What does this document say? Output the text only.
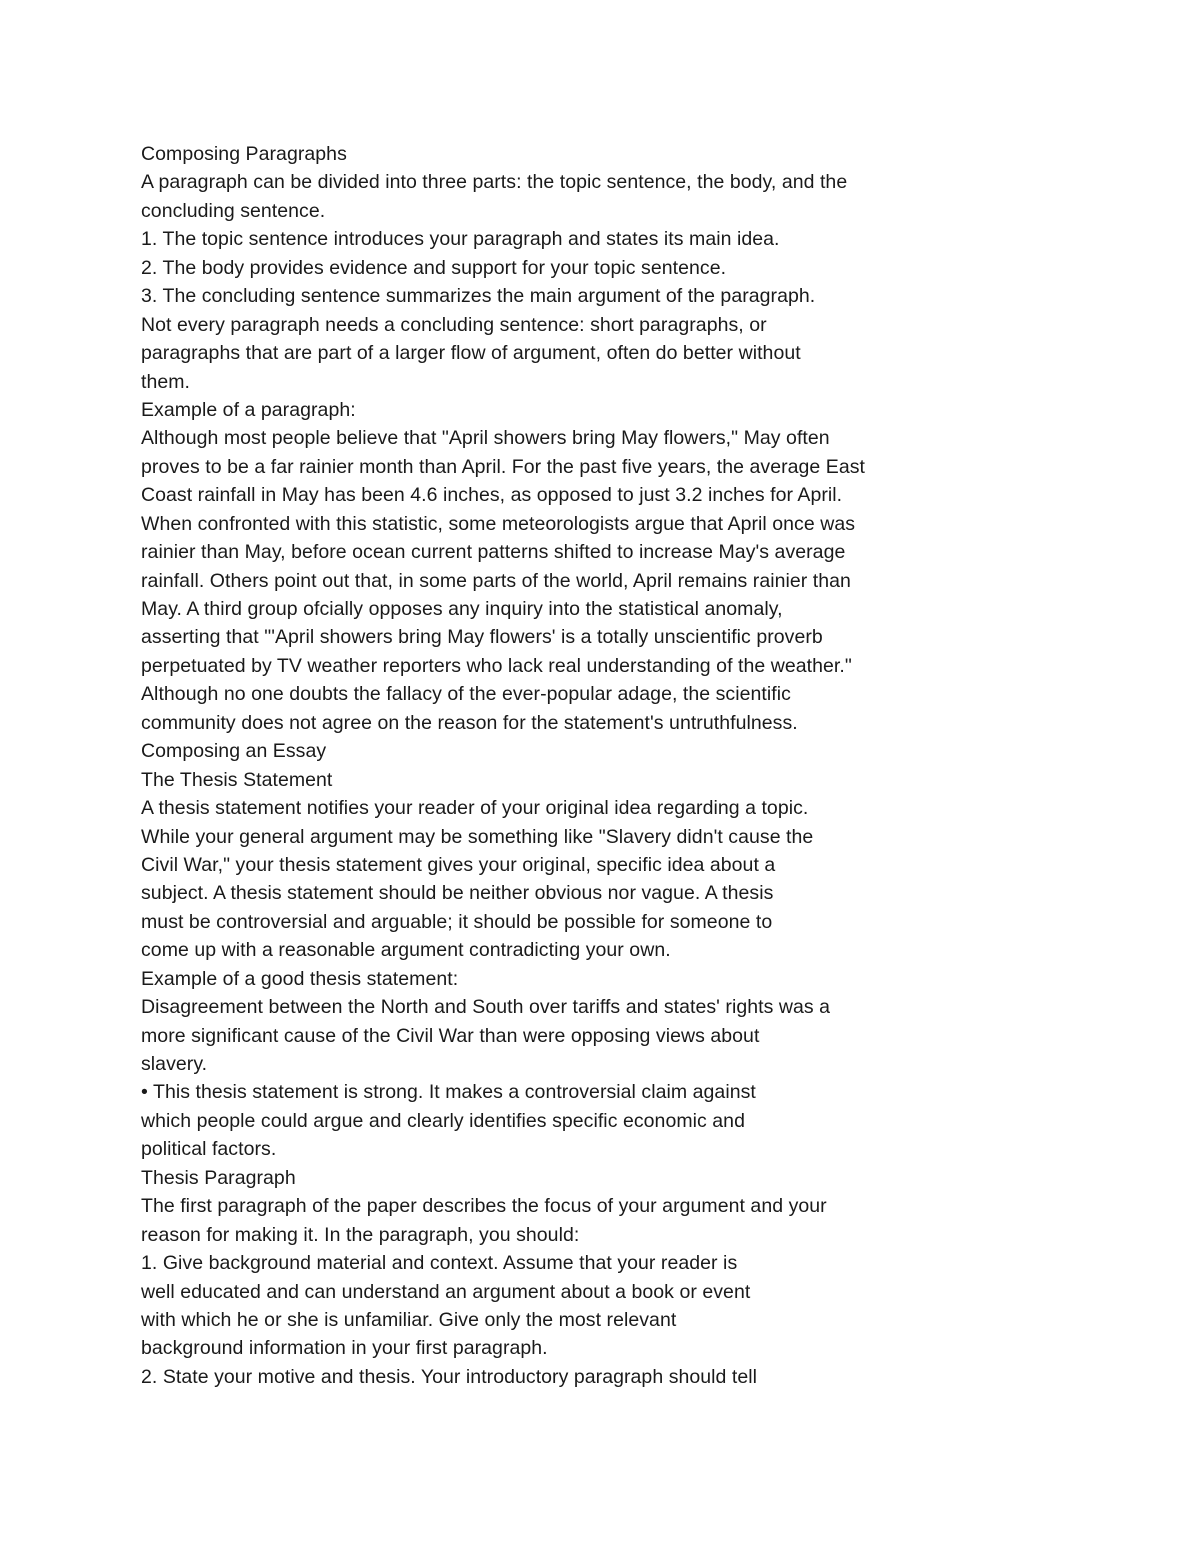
Composing Paragraphs
A paragraph can be divided into three parts: the topic sentence, the body, and the
concluding sentence.
1. The topic sentence introduces your paragraph and states its main idea.
2. The body provides evidence and support for your topic sentence.
3. The concluding sentence summarizes the main argument of the paragraph.
Not every paragraph needs a concluding sentence: short paragraphs, or
paragraphs that are part of a larger flow of argument, often do better without
them.
Example of a paragraph:
Although most people believe that "April showers bring May flowers," May often
proves to be a far rainier month than April. For the past five years, the average East
Coast rainfall in May has been 4.6 inches, as opposed to just 3.2 inches for April.
When confronted with this statistic, some meteorologists argue that April once was
rainier than May, before ocean current patterns shifted to increase May's average
rainfall. Others point out that, in some parts of the world, April remains rainier than
May. A third group ofcially opposes any inquiry into the statistical anomaly,
asserting that "'April showers bring May flowers' is a totally unscientific proverb
perpetuated by TV weather reporters who lack real understanding of the weather."
Although no one doubts the fallacy of the ever-popular adage, the scientific
community does not agree on the reason for the statement's untruthfulness.
Composing an Essay
The Thesis Statement
A thesis statement notifies your reader of your original idea regarding a topic.
While your general argument may be something like "Slavery didn't cause the
Civil War," your thesis statement gives your original, specific idea about a
subject. A thesis statement should be neither obvious nor vague. A thesis
must be controversial and arguable; it should be possible for someone to
come up with a reasonable argument contradicting your own.
Example of a good thesis statement:
Disagreement between the North and South over tariffs and states' rights was a
more significant cause of the Civil War than were opposing views about
slavery.
• This thesis statement is strong. It makes a controversial claim against
which people could argue and clearly identifies specific economic and
political factors.
Thesis Paragraph
The first paragraph of the paper describes the focus of your argument and your
reason for making it. In the paragraph, you should:
1. Give background material and context. Assume that your reader is
well educated and can understand an argument about a book or event
with which he or she is unfamiliar. Give only the most relevant
background information in your first paragraph.
2. State your motive and thesis. Your introductory paragraph should tell
